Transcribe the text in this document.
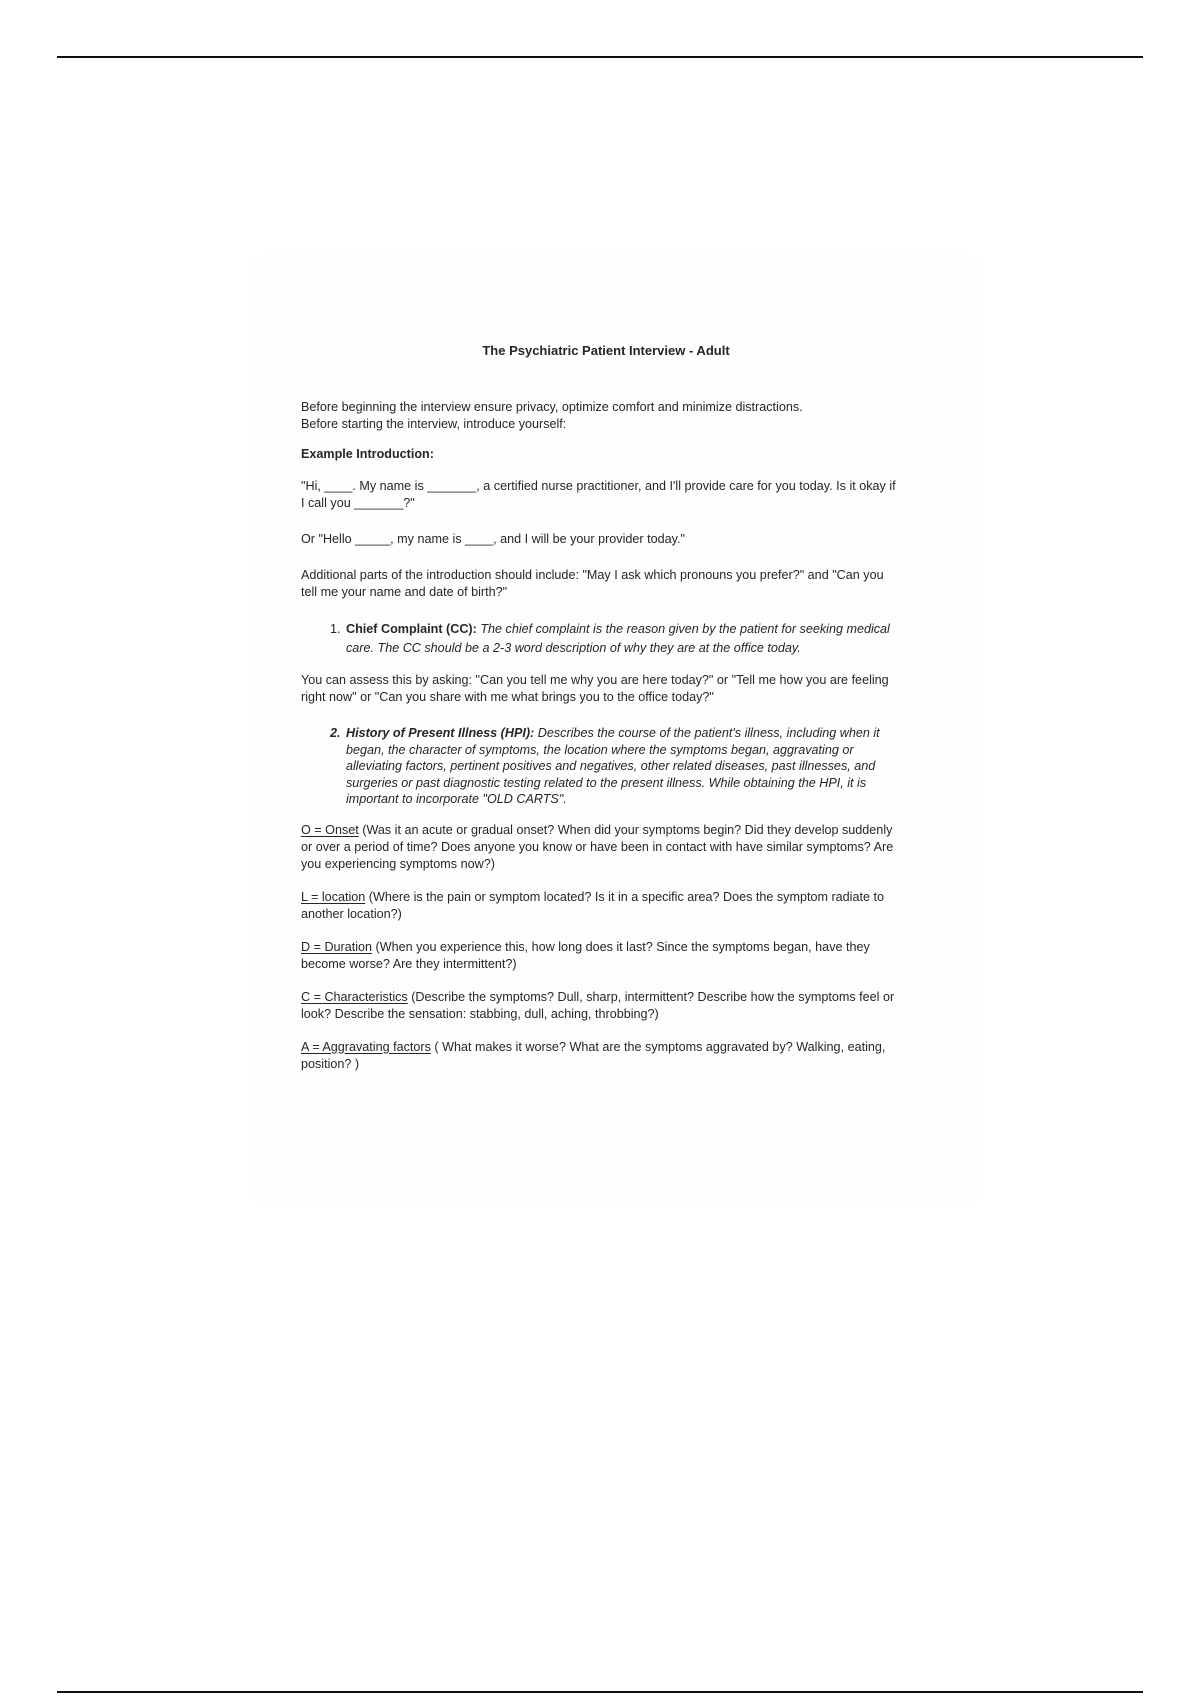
The Psychiatric Patient Interview - Adult

Before beginning the interview ensure privacy, optimize comfort and minimize distractions.
Before starting the interview, introduce yourself:

Example Introduction:

"Hi, ____. My name is _______, a certified nurse practitioner, and I'll provide care for you today. Is it okay if I call you _______?"

Or "Hello _____, my name is ____, and I will be your provider today."

Additional parts of the introduction should include: "May I ask which pronouns you prefer?" and "Can you tell me your name and date of birth?"

1. Chief Complaint (CC): The chief complaint is the reason given by the patient for seeking medical care. The CC should be a 2-3 word description of why they are at the office today.

You can assess this by asking: "Can you tell me why you are here today?" or "Tell me how you are feeling right now" or "Can you share with me what brings you to the office today?"

2. History of Present Illness (HPI): Describes the course of the patient's illness, including when it began, the character of symptoms, the location where the symptoms began, aggravating or alleviating factors, pertinent positives and negatives, other related diseases, past illnesses, and surgeries or past diagnostic testing related to the present illness. While obtaining the HPI, it is important to incorporate "OLD CARTS".

O = Onset (Was it an acute or gradual onset? When did your symptoms begin? Did they develop suddenly or over a period of time? Does anyone you know or have been in contact with have similar symptoms? Are you experiencing symptoms now?)

L = location (Where is the pain or symptom located? Is it in a specific area? Does the symptom radiate to another location?)

D = Duration (When you experience this, how long does it last? Since the symptoms began, have they become worse? Are they intermittent?)

C = Characteristics (Describe the symptoms? Dull, sharp, intermittent? Describe how the symptoms feel or look? Describe the sensation: stabbing, dull, aching, throbbing?)

A = Aggravating factors ( What makes it worse? What are the symptoms aggravated by? Walking, eating, position? )
